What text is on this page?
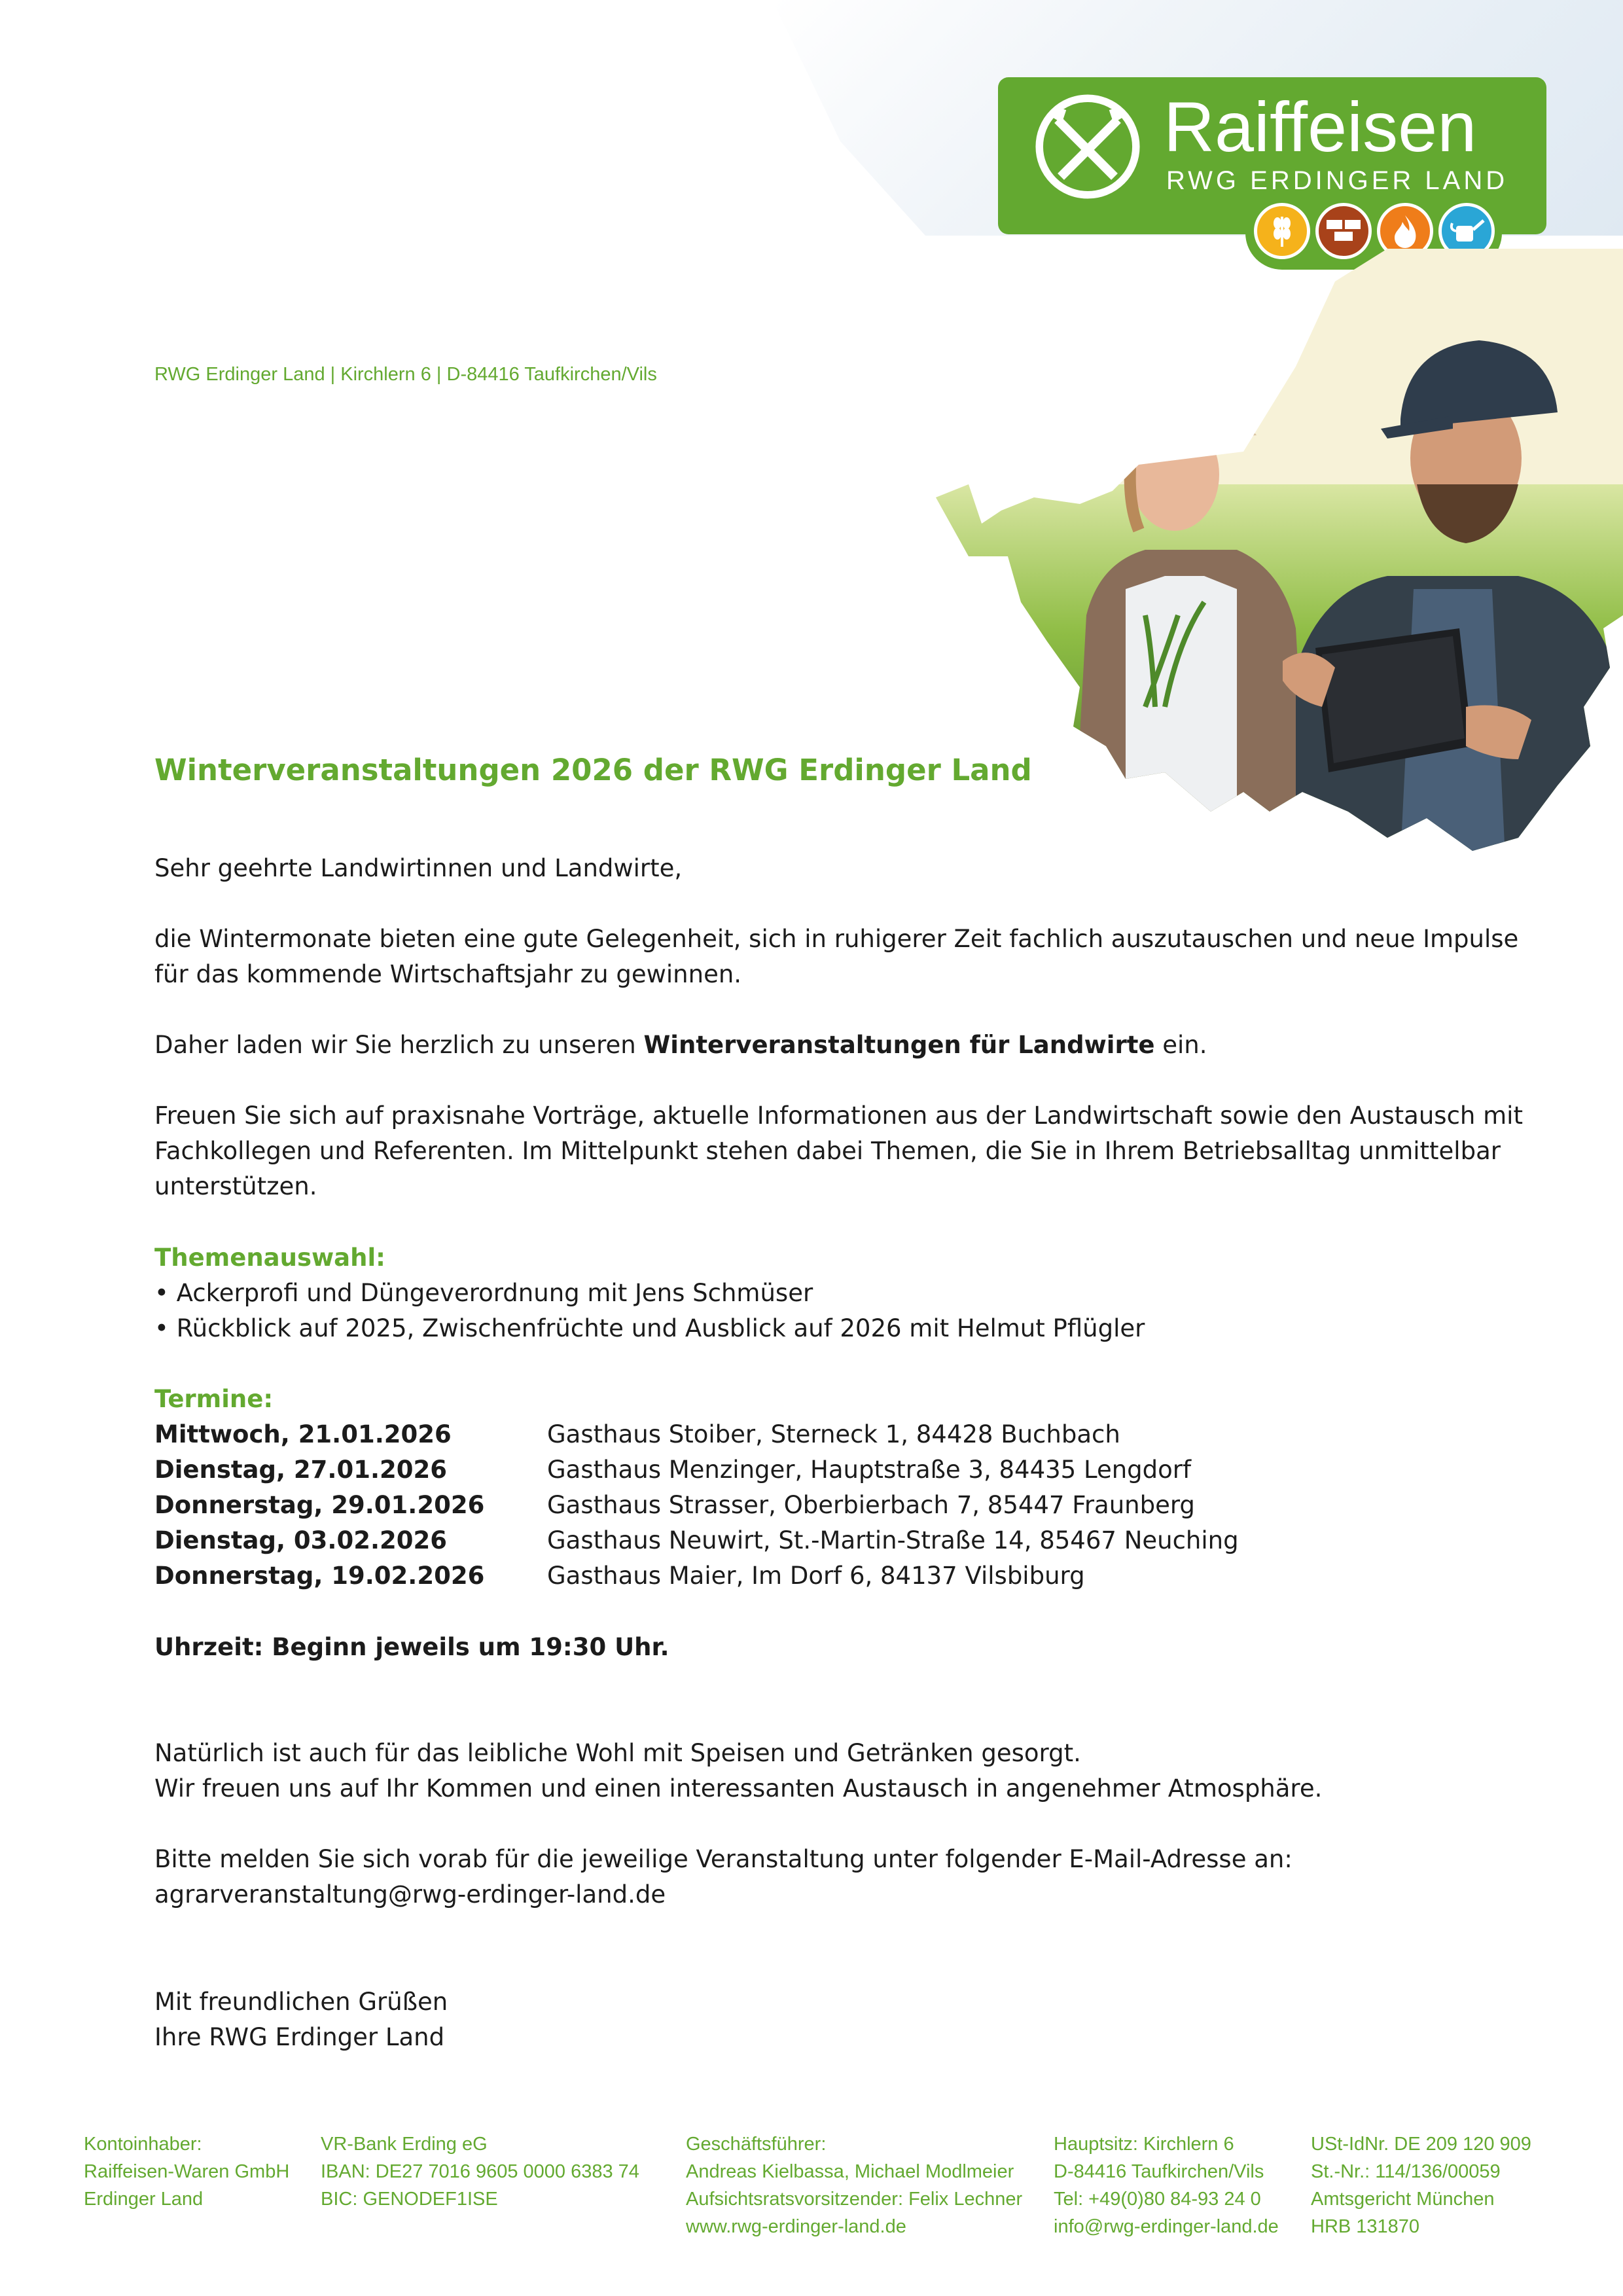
Raiffeisen
RWG ERDINGER LAND
RWG Erdinger Land | Kirchlern 6 | D-84416 Taufkirchen/Vils
Winterveranstaltungen 2026 der RWG Erdinger Land
Sehr geehrte Landwirtinnen und Landwirte,
die Wintermonate bieten eine gute Gelegenheit, sich in ruhigerer Zeit fachlich auszutauschen und neue Impulse
für das kommende Wirtschaftsjahr zu gewinnen.
Daher laden wir Sie herzlich zu unseren Winterveranstaltungen für Landwirte ein.
Freuen Sie sich auf praxisnahe Vorträge, aktuelle Informationen aus der Landwirtschaft sowie den Austausch mit
Fachkollegen und Referenten. Im Mittelpunkt stehen dabei Themen, die Sie in Ihrem Betriebsalltag unmittelbar
unterstützen.
Themenauswahl:
• Ackerprofi und Düngeverordnung mit Jens Schmüser
• Rückblick auf 2025, Zwischenfrüchte und Ausblick auf 2026 mit Helmut Pflügler
Termine:
Mittwoch, 21.01.2026	Gasthaus Stoiber, Sterneck 1, 84428 Buchbach
Dienstag, 27.01.2026	Gasthaus Menzinger, Hauptstraße 3, 84435 Lengdorf
Donnerstag, 29.01.2026	Gasthaus Strasser, Oberbierbach 7, 85447 Fraunberg
Dienstag, 03.02.2026	Gasthaus Neuwirt, St.-Martin-Straße 14, 85467 Neuching
Donnerstag, 19.02.2026	Gasthaus Maier, Im Dorf 6, 84137 Vilsbiburg
Uhrzeit: Beginn jeweils um 19:30 Uhr.
Natürlich ist auch für das leibliche Wohl mit Speisen und Getränken gesorgt.
Wir freuen uns auf Ihr Kommen und einen interessanten Austausch in angenehmer Atmosphäre.
Bitte melden Sie sich vorab für die jeweilige Veranstaltung unter folgender E-Mail-Adresse an:
agrarveranstaltung@rwg-erdinger-land.de
Mit freundlichen Grüßen
Ihre RWG Erdinger Land
Kontoinhaber:
Raiffeisen-Waren GmbH
Erdinger Land
VR-Bank Erding eG
IBAN: DE27 7016 9605 0000 6383 74
BIC: GENODEF1ISE
Geschäftsführer:
Andreas Kielbassa, Michael Modlmeier
Aufsichtsratsvorsitzender: Felix Lechner
www.rwg-erdinger-land.de
Hauptsitz: Kirchlern 6
D-84416 Taufkirchen/Vils
Tel: +49(0)80 84-93 24 0
info@rwg-erdinger-land.de
USt-IdNr. DE 209 120 909
St.-Nr.: 114/136/00059
Amtsgericht München
HRB 131870
